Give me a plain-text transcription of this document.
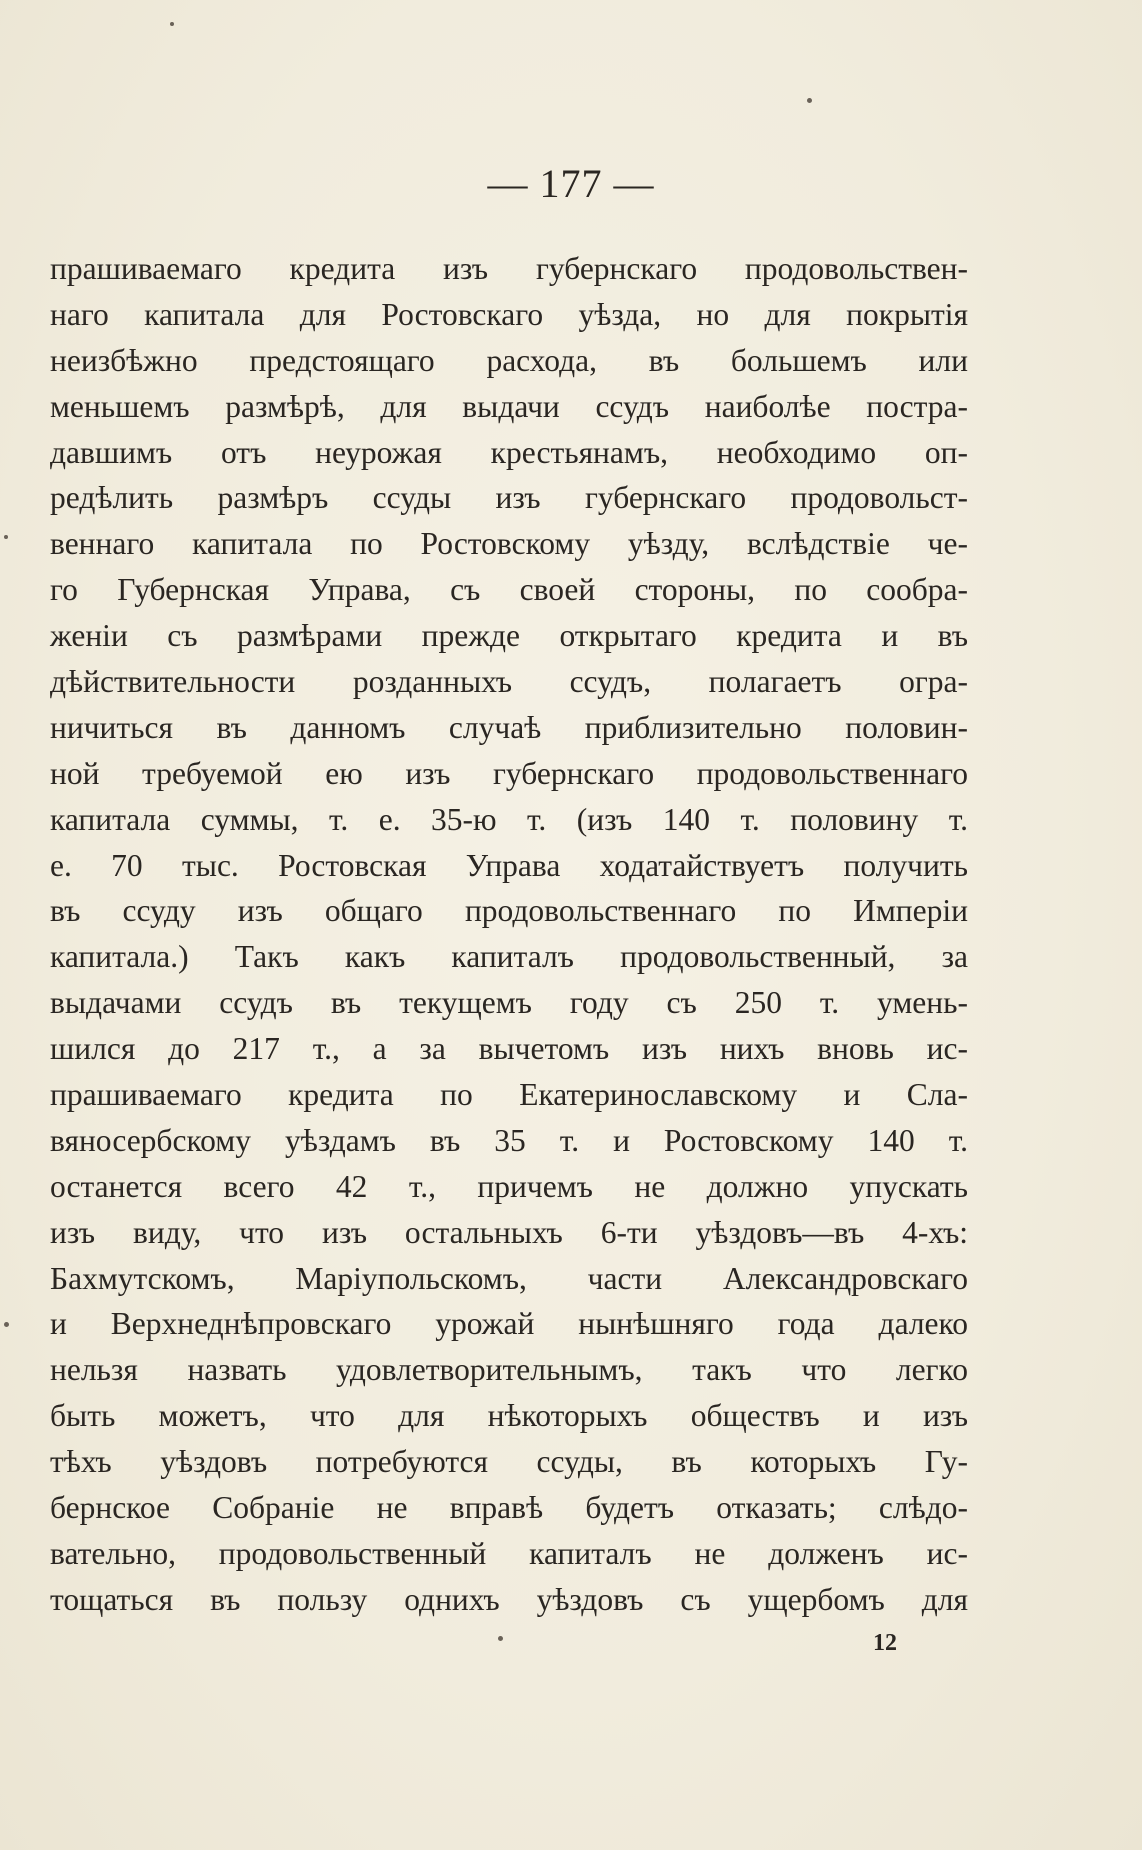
— 177 —
прашиваемаго кредита изъ губернскаго продовольствен-
наго капитала для Ростовскаго уѣзда, но для покрытія
неизбѣжно предстоящаго расхода, въ большемъ или
меньшемъ размѣрѣ, для выдачи ссудъ наиболѣе постра-
давшимъ отъ неурожая крестьянамъ, необходимо оп-
редѣлить размѣръ ссуды изъ губернскаго продовольст-
веннаго капитала по Ростовскому уѣзду, вслѣдствіе че-
го Губернская Управа, съ своей стороны, по сообра-
женіи съ размѣрами прежде открытаго кредита и въ
дѣйствительности розданныхъ ссудъ, полагаетъ огра-
ничиться въ данномъ случаѣ приблизительно половин-
ной требуемой ею изъ губернскаго продовольственнаго
капитала суммы, т. е. 35-ю т. (изъ 140 т. половину т.
е. 70 тыс. Ростовская Управа ходатайствуетъ получить
въ ссуду изъ общаго продовольственнаго по Имперіи
капитала.) Такъ какъ капиталъ продовольственный, за
выдачами ссудъ въ текущемъ году съ 250 т. умень-
шился до 217 т., а за вычетомъ изъ нихъ вновь ис-
прашиваемаго кредита по Екатеринославскому и Сла-
вяносербскому уѣздамъ въ 35 т. и Ростовскому 140 т.
останется всего 42 т., причемъ не должно упускать
изъ виду, что изъ остальныхъ 6-ти уѣздовъ—въ 4-хъ:
Бахмутскомъ, Маріупольскомъ, части Александровскаго
и Верхнеднѣпровскаго урожай нынѣшняго года далеко
нельзя назвать удовлетворительнымъ, такъ что легко
быть можетъ, что для нѣкоторыхъ обществъ и изъ
тѣхъ уѣздовъ потребуются ссуды, въ которыхъ Гу-
бернское Собраніе не вправѣ будетъ отказать; слѣдо-
вательно, продовольственный капиталъ не долженъ ис-
тощаться въ пользу однихъ уѣздовъ съ ущербомъ для
12
